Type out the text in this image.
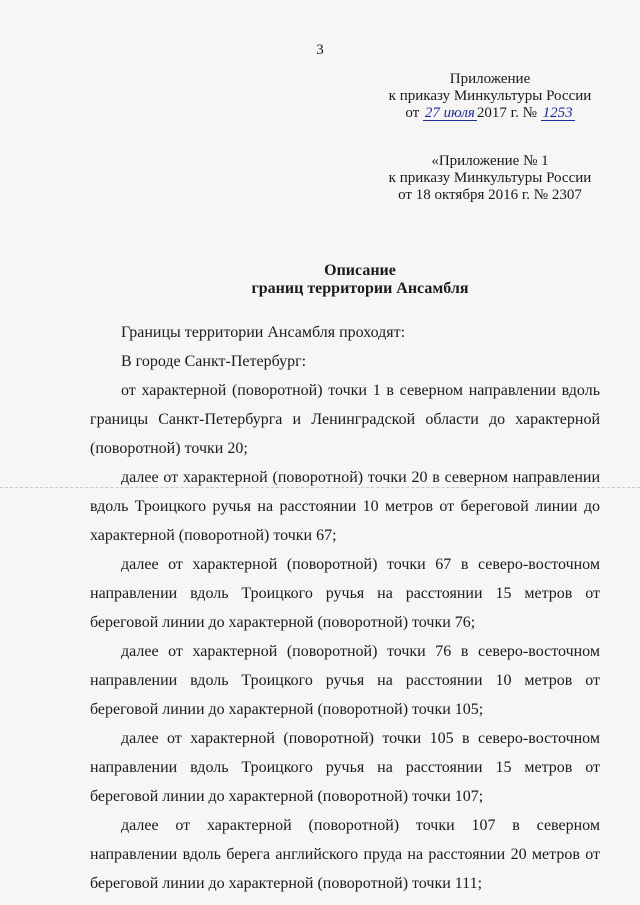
3
Приложение
к приказу Минкультуры России
от 27 июля 2017 г. № 1253
«Приложение № 1
к приказу Минкультуры России
от 18 октября 2016 г. № 2307
Описание
границ территории Ансамбля

Границы территории Ансамбля проходят:

В городе Санкт-Петербург:

от характерной (поворотной) точки 1 в северном направлении вдоль границы Санкт-Петербурга и Ленинградской области до характерной (поворотной) точки 20;

далее от характерной (поворотной) точки 20 в северном направлении вдоль Троицкого ручья на расстоянии 10 метров от береговой линии до характерной (поворотной) точки 67;

далее от характерной (поворотной) точки 67 в северо-восточном направлении вдоль Троицкого ручья на расстоянии 15 метров от береговой линии до характерной (поворотной) точки 76;

далее от характерной (поворотной) точки 76 в северо-восточном направлении вдоль Троицкого ручья на расстоянии 10 метров от береговой линии до характерной (поворотной) точки 105;

далее от характерной (поворотной) точки 105 в северо-восточном направлении вдоль Троицкого ручья на расстоянии 15 метров от береговой линии до характерной (поворотной) точки 107;

далее от характерной (поворотной) точки 107 в северном направлении вдоль берега английского пруда на расстоянии 20 метров от береговой линии до характерной (поворотной) точки 111;
